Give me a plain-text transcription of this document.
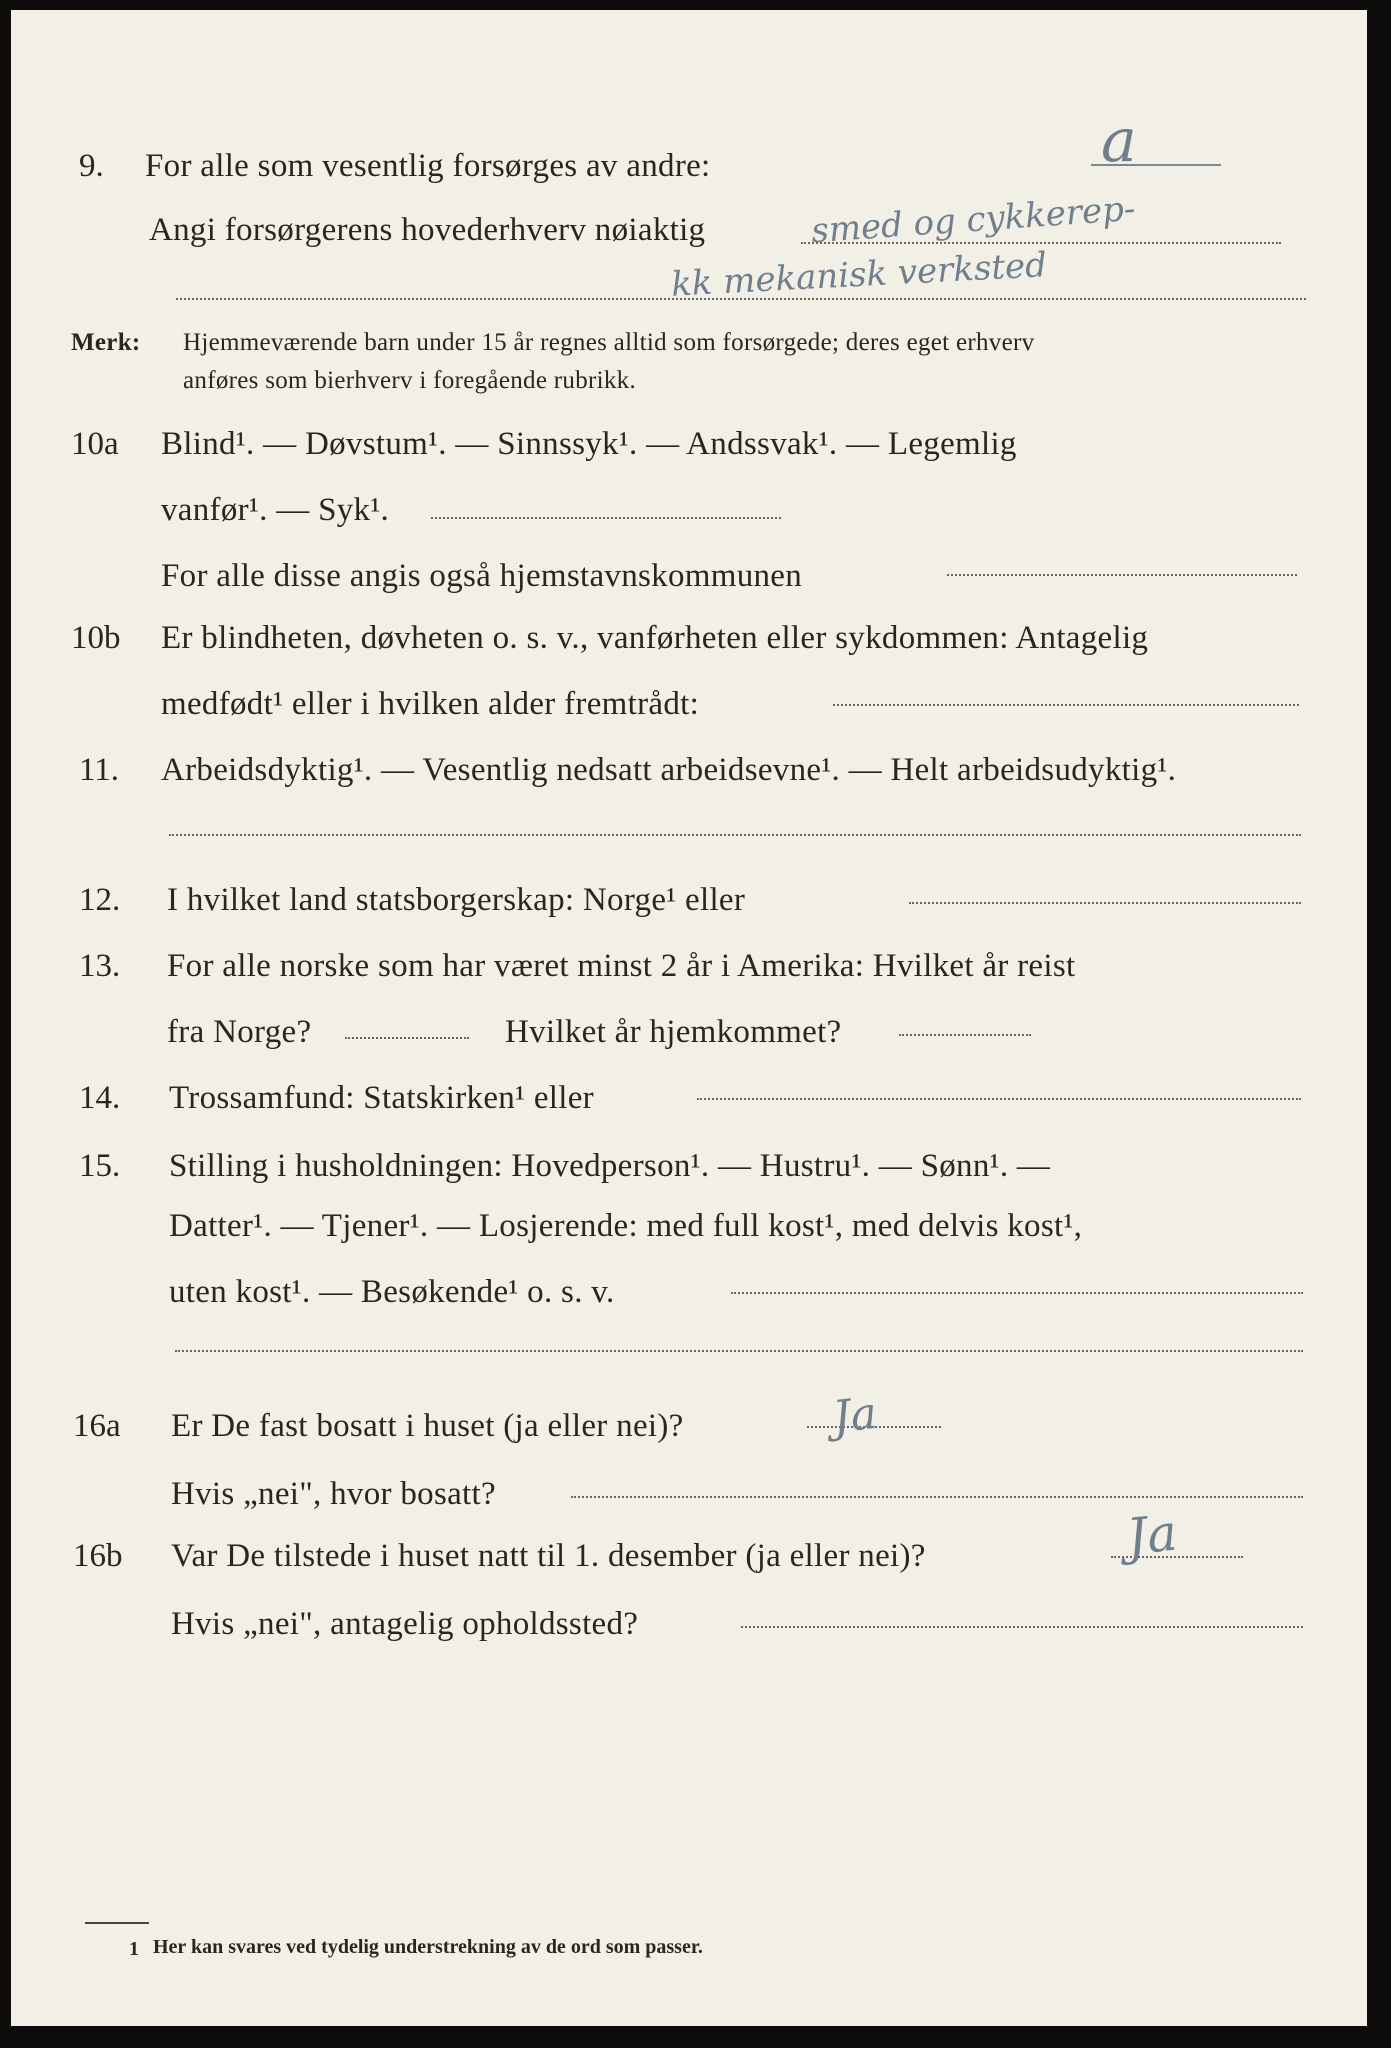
9. For alle som vesentlig forsørges av andre:	a
Angi forsørgerens hovederhverv nøiaktig	smed og cykkerep-
kk mekanisk verksted
Merk: Hjemmeværende barn under 15 år regnes alltid som forsørgede; deres eget erhverv
anføres som bierhverv i foregående rubrikk.
10a Blind¹. — Døvstum¹. — Sinnssyk¹. — Andssvak¹. — Legemlig
vanfør¹. — Syk¹.
For alle disse angis også hjemstavnskommunen
10b Er blindheten, døvheten o. s. v., vanførheten eller sykdommen: Antagelig
medfødt¹ eller i hvilken alder fremtrådt:
11. Arbeidsdyktig¹. — Vesentlig nedsatt arbeidsevne¹. — Helt arbeidsudyktig¹.
12. I hvilket land statsborgerskap: Norge¹ eller
13. For alle norske som har været minst 2 år i Amerika: Hvilket år reist
fra Norge?	Hvilket år hjemkommet?
14. Trossamfund: Statskirken¹ eller
15. Stilling i husholdningen: Hovedperson¹. — Hustru¹. — Sønn¹. —
Datter¹. — Tjener¹. — Losjerende: med full kost¹, med delvis kost¹,
uten kost¹. — Besøkende¹ o. s. v.
16a Er De fast bosatt i huset (ja eller nei)?	Ja
Hvis „nei", hvor bosatt?
16b Var De tilstede i huset natt til 1. desember (ja eller nei)?	Ja
Hvis „nei", antagelig opholdssted?
1 Her kan svares ved tydelig understrekning av de ord som passer.
